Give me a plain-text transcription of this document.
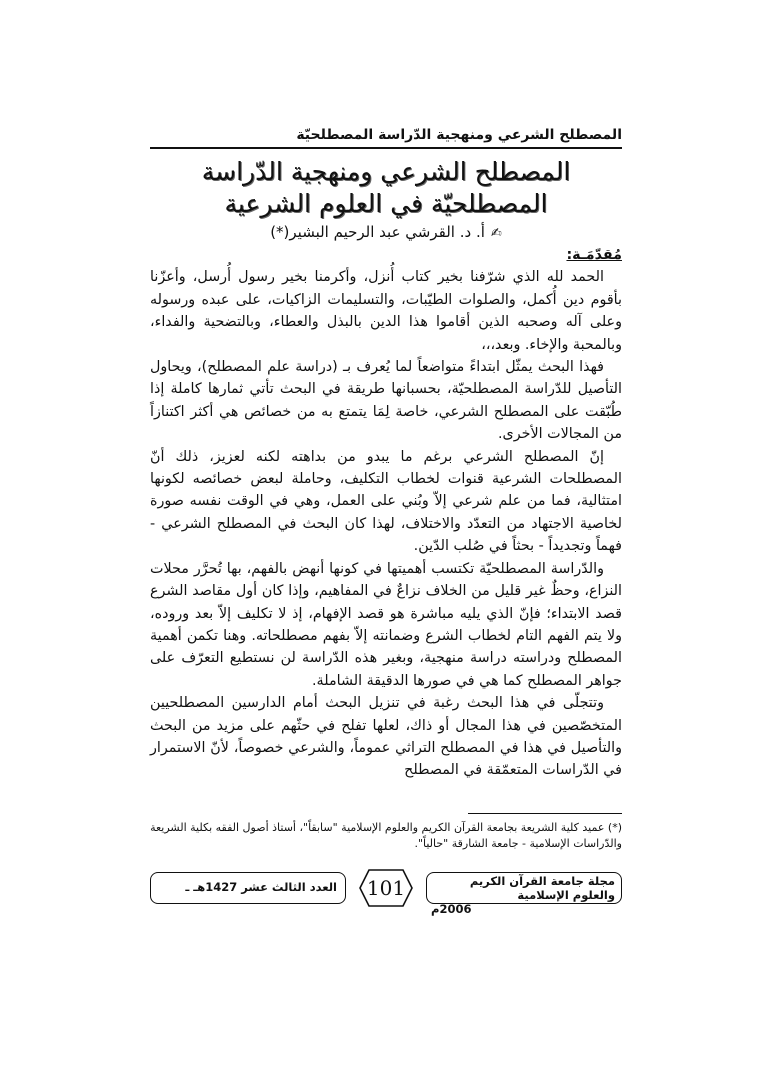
المصطلح الشرعي ومنهجية الدّراسة المصطلحيّة
المصطلح الشرعي ومنهجية الدّراسة المصطلحيّة في العلوم الشرعية
✍أ. د. القرشي عبد الرحيم البشير(*)

مُقدّمَـة:

الحمد لله الذي شرّفنا بخير كتاب أُنزل، وأكرمنا بخير رسول أُرسل، وأعزّنا بأقوم دين أُكمل، والصلوات الطيّبات، والتسليمات الزاكيات، على عبده ورسوله وعلى آله وصحبه الذين أقاموا هذا الدين بالبذل والعطاء، وبالتضحية والفداء، وبالمحبة والإخاء. وبعد،،،

فهذا البحث يمثّل ابتداءً متواضعاً لما يُعرف بـ (دراسة علم المصطلح)، ويحاول التأصيل للدّراسة المصطلحيّة، بحسبانها طريقة في البحث تأتي ثمارها كاملة إذا طُبّقت على المصطلح الشرعي، خاصة لِمَا يتمتع به من خصائص هي أكثر اكتنازاً من المجالات الأخرى.

إنّ المصطلح الشرعي برغم ما يبدو من بداهته لكنه لعزيز، ذلك أنّ المصطلحات الشرعية قنوات لخطاب التكليف، وحاملة لبعض خصائصه لكونها امتثالية، فما من علم شرعي إلاّ وبُني على العمل، وهي في الوقت نفسه صورة لخاصية الاجتهاد من التعدّد والاختلاف، لهذا كان البحث في المصطلح الشرعي - فهماً وتجديداً - بحثاً في صُلب الدّين.

والدّراسة المصطلحيّة تكتسب أهميتها في كونها أنهض بالفهم، بها تُحرَّر محلات النزاع، وحظٌ غير قليل من الخلاف نزاعٌ في المفاهيم، وإذا كان أول مقاصد الشرع قصد الابتداء؛ فإنّ الذي يليه مباشرة هو قصد الإفهام، إذ لا تكليف إلاّ بعد وروده، ولا يتم الفهم التام لخطاب الشرع وضمانته إلاّ بفهم مصطلحاته. وهنا تكمن أهمية المصطلح ودراسته دراسة منهجية، وبغير هذه الدّراسة لن نستطيع التعرّف على جواهر المصطلح كما هي في صورها الدقيقة الشاملة.

وتتجلّى في هذا البحث رغبة في تنزيل البحث أمام الدارسين المصطلحيين المتخصّصين في هذا المجال أو ذاك، لعلها تفلح في حثّهم على مزيد من البحث والتأصيل في هذا في المصطلح التراثي عموماً، والشرعي خصوصاً، لأنّ الاستمرار في الدّراسات المتعمّقة في المصطلح

(*) عميد كلية الشريعة بجامعة القرآن الكريم والعلوم الإسلامية "سابقاً"، أستاذ أصول الفقه بكلية الشريعة والدّراسات الإسلامية - جامعة الشارقة "حالياً".
مجلة جامعة القرآن الكريم والعلوم الإسلامية
2006م
101
العدد الثالث عشر 1427هـ ـ
